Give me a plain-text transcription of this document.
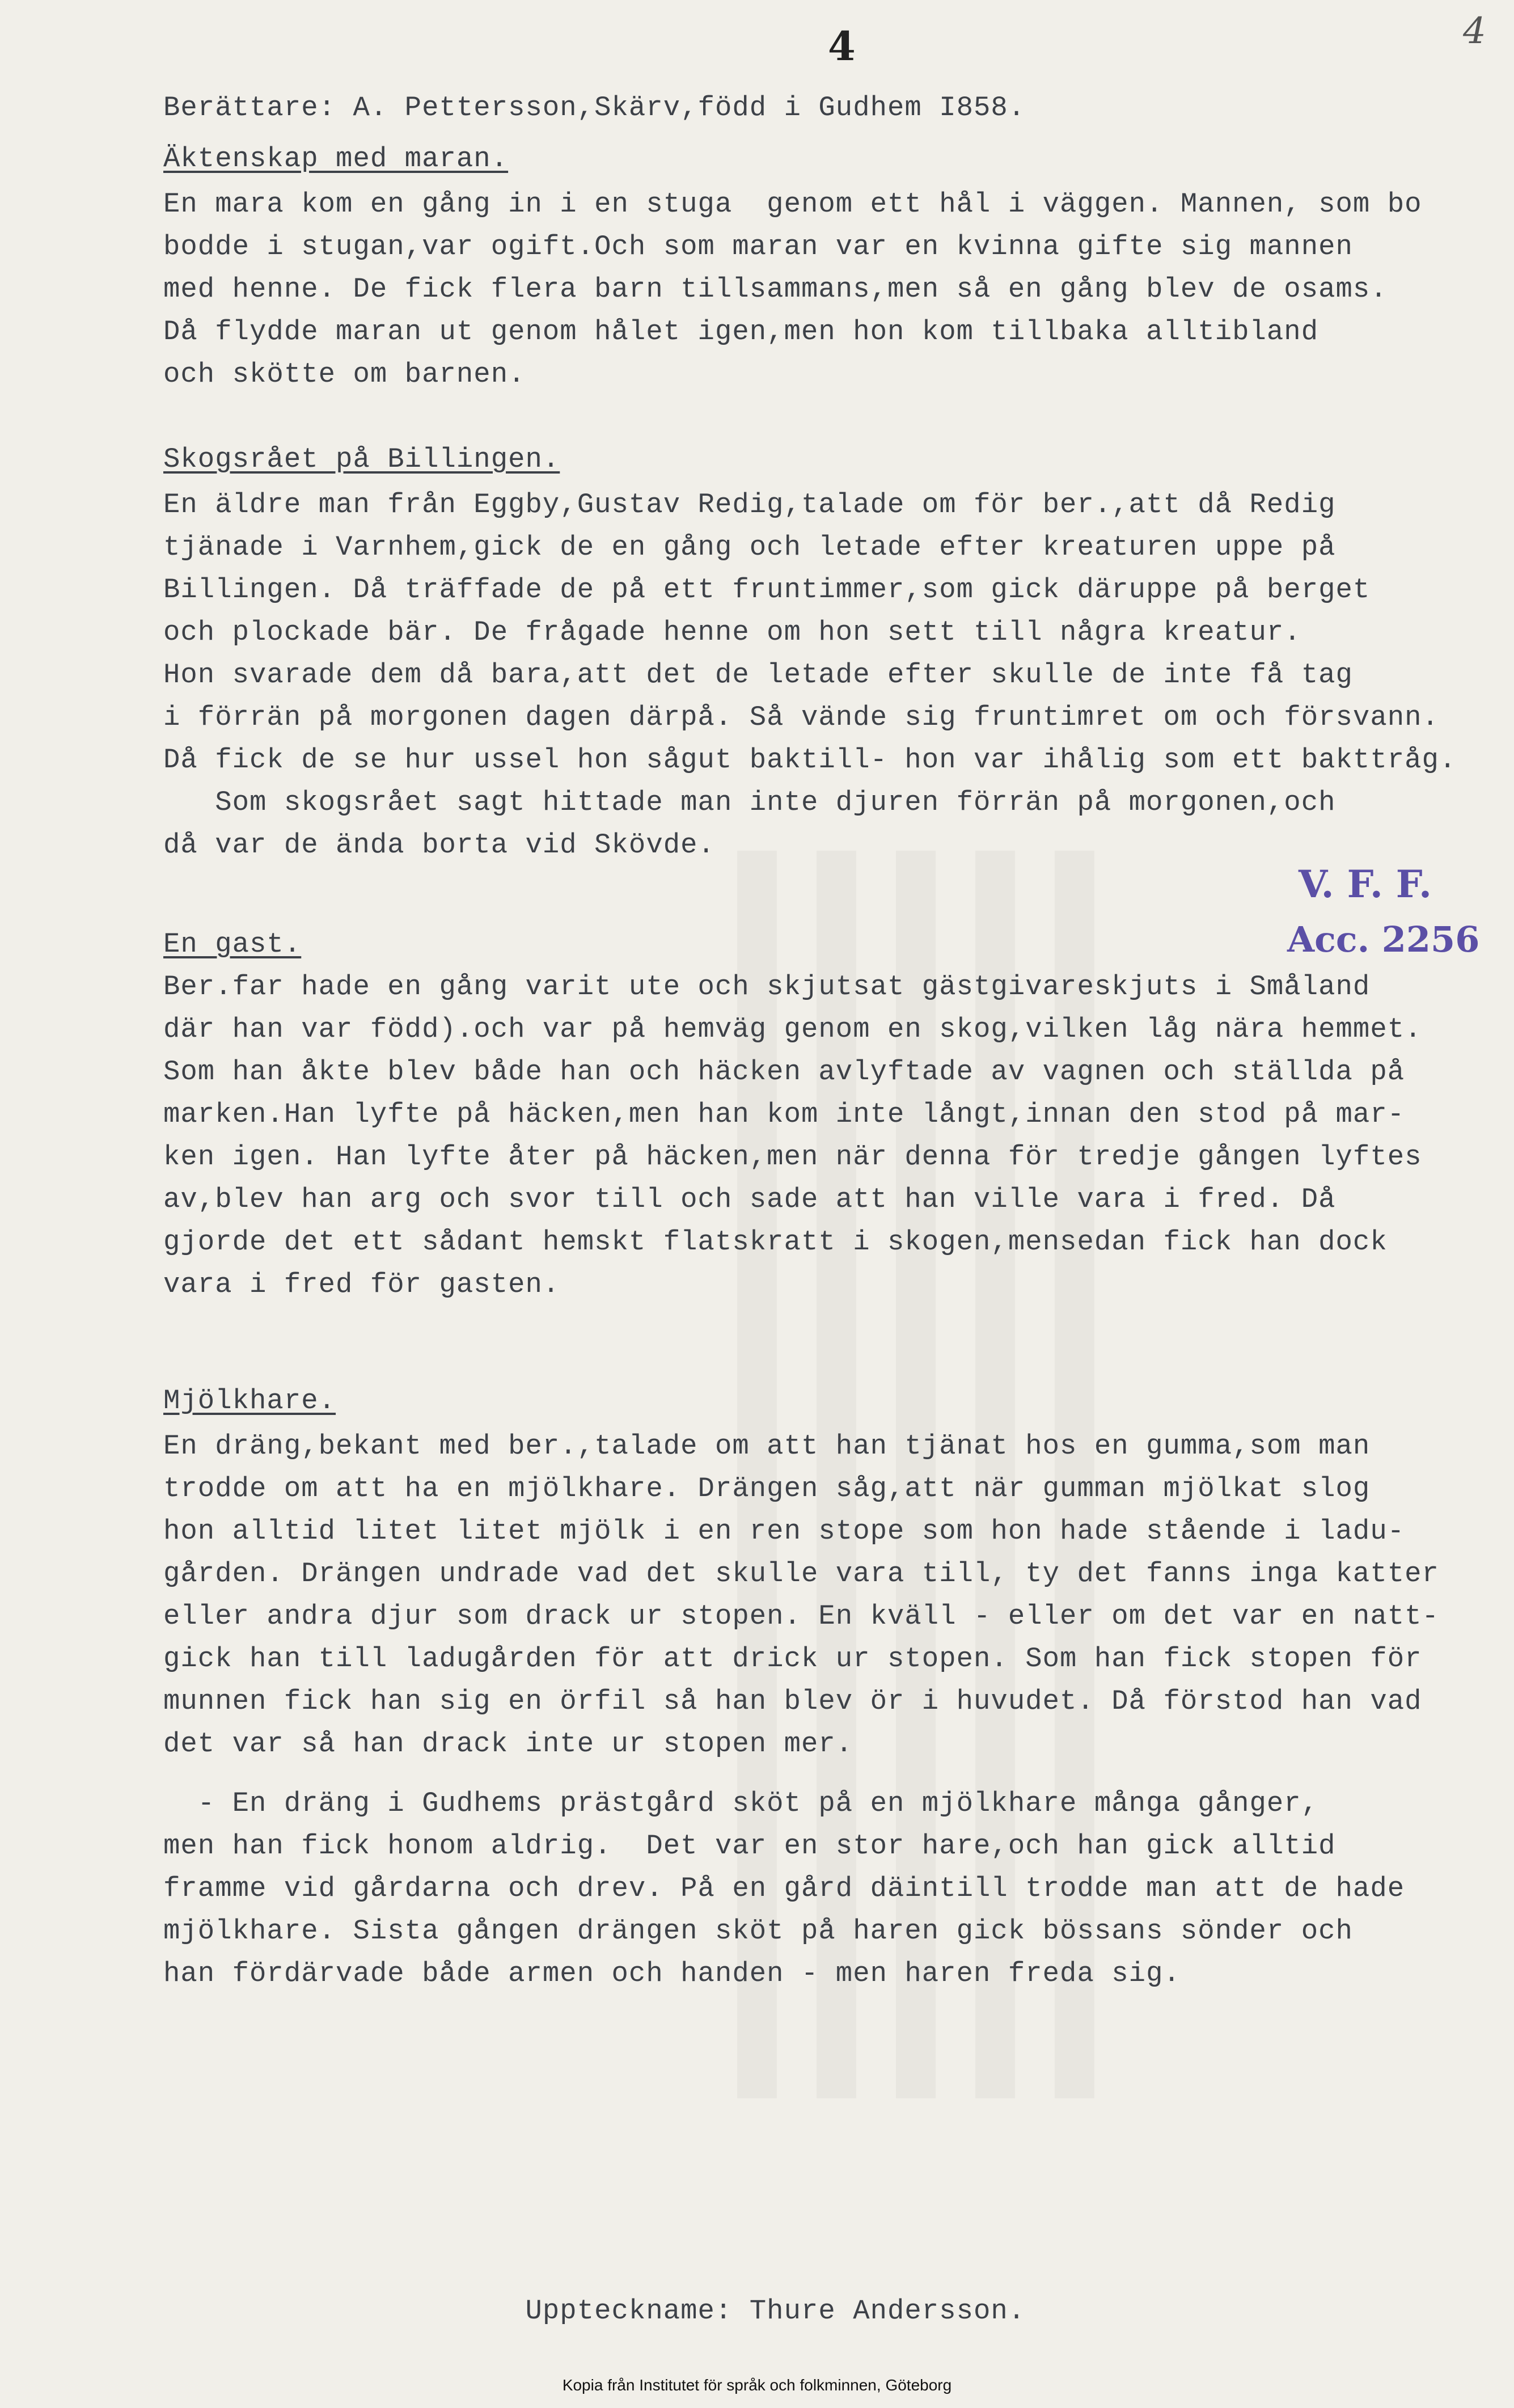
4	4
Berättare: A. Pettersson,Skärv,född i Gudhem I858.
Äktenskap med maran.
En mara kom en gång in i en stuga  genom ett hål i väggen. Mannen, som bo
bodde i stugan,var ogift.Och som maran var en kvinna gifte sig mannen
med henne. De fick flera barn tillsammans,men så en gång blev de osams.
Då flydde maran ut genom hålet igen,men hon kom tillbaka alltibland
och skötte om barnen.
Skogsrået på Billingen.
En äldre man från Eggby,Gustav Redig,talade om för ber.,att då Redig
tjänade i Varnhem,gick de en gång och letade efter kreaturen uppe på
Billingen. Då träffade de på ett fruntimmer,som gick däruppe på berget
och plockade bär. De frågade henne om hon sett till några kreatur.
Hon svarade dem då bara,att det de letade efter skulle de inte få tag
i förrän på morgonen dagen därpå. Så vände sig fruntimret om och försvann.
Då fick de se hur ussel hon sågut baktill- hon var ihålig som ett bakttråg.
Som skogsrået sagt hittade man inte djuren förrän på morgonen,och
då var de ända borta vid Skövde.
En gast.
Ber.far hade en gång varit ute och skjutsat gästgivareskjuts i Småland
där han var född).och var på hemväg genom en skog,vilken låg nära hemmet.
Som han åkte blev både han och häcken avlyftade av vagnen och ställda på
marken.Han lyfte på häcken,men han kom inte långt,innan den stod på mar-
ken igen. Han lyfte åter på häcken,men när denna för tredje gången lyftes
av,blev han arg och svor till och sade att han ville vara i fred. Då
gjorde det ett sådant hemskt flatskratt i skogen,mensedan fick han dock
vara i fred för gasten.
Mjölkhare.
En dräng,bekant med ber.,talade om att han tjänat hos en gumma,som man
trodde om att ha en mjölkhare. Drängen såg,att när gumman mjölkat slog
hon alltid litet litet mjölk i en ren stope som hon hade stående i ladu-
gården. Drängen undrade vad det skulle vara till, ty det fanns inga katter
eller andra djur som drack ur stopen. En kväll - eller om det var en natt-
gick han till ladugården för att drick ur stopen. Som han fick stopen för
munnen fick han sig en örfil så han blev ör i huvudet. Då förstod han vad
det var så han drack inte ur stopen mer.
- En dräng i Gudhems prästgård sköt på en mjölkhare många gånger,
men han fick honom aldrig.  Det var en stor hare,och han gick alltid
framme vid gårdarna och drev. På en gård däintill trodde man att de hade
mjölkhare. Sista gången drängen sköt på haren gick bössans sönder och
han fördärvade både armen och handen - men haren freda sig.
Uppteckname: Thure Andersson.
V. F. F.
Acc. 2256
Kopia från Institutet för språk och folkminnen, Göteborg
